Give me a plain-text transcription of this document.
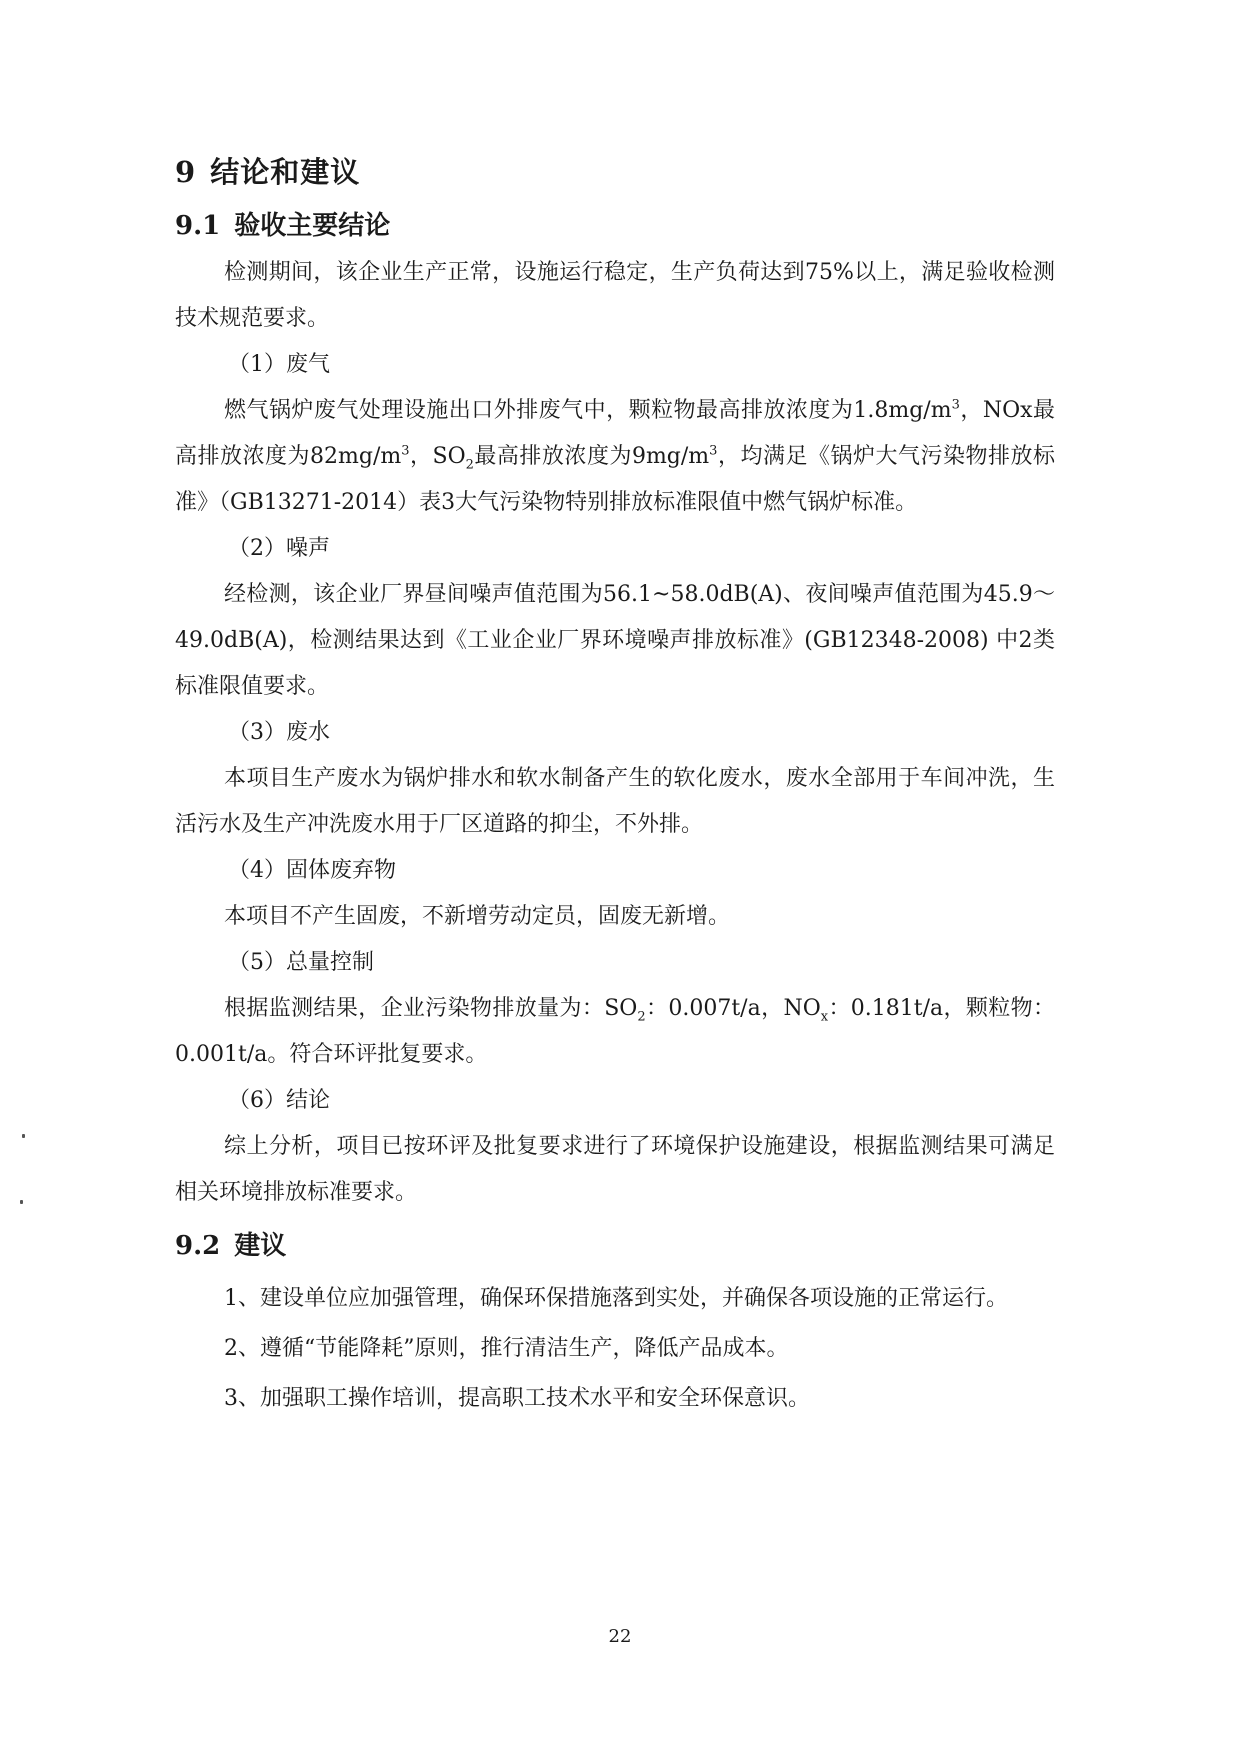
9 结论和建议
9.1 验收主要结论

检测期间，该企业生产正常，设施运行稳定，生产负荷达到75%以上，满足验收检测技术规范要求。

（1）废气

燃气锅炉废气处理设施出口外排废气中，颗粒物最高排放浓度为$1.8mg/m^3$，NOx最高排放浓度为$82mg/m^3$，$SO_2$最高排放浓度为$9mg/m^3$，均满足《锅炉大气污染物排放标准》（GB13271-2014）表3大气污染物特别排放标准限值中燃气锅炉标准。

（2）噪声

经检测，该企业厂界昼间噪声值范围为56.1~58.0dB(A)、夜间噪声值范围为45.9～49.0dB(A)，检测结果达到《工业企业厂界环境噪声排放标准》(GB12348-2008) 中2类标准限值要求。

（3）废水

本项目生产废水为锅炉排水和软水制备产生的软化废水，废水全部用于车间冲洗，生活污水及生产冲洗废水用于厂区道路的抑尘，不外排。

（4）固体废弃物

本项目不产生固废，不新增劳动定员，固废无新增。

（5）总量控制

根据监测结果，企业污染物排放量为：$SO_2$：0.007t/a，$NO_x$：0.181t/a，颗粒物：0.001t/a。符合环评批复要求。

（6）结论

综上分析，项目已按环评及批复要求进行了环境保护设施建设，根据监测结果可满足相关环境排放标准要求。

9.2 建议

1、建设单位应加强管理，确保环保措施落到实处，并确保各项设施的正常运行。

2、遵循“节能降耗”原则，推行清洁生产，降低产品成本。

3、加强职工操作培训，提高职工技术水平和安全环保意识。

22
